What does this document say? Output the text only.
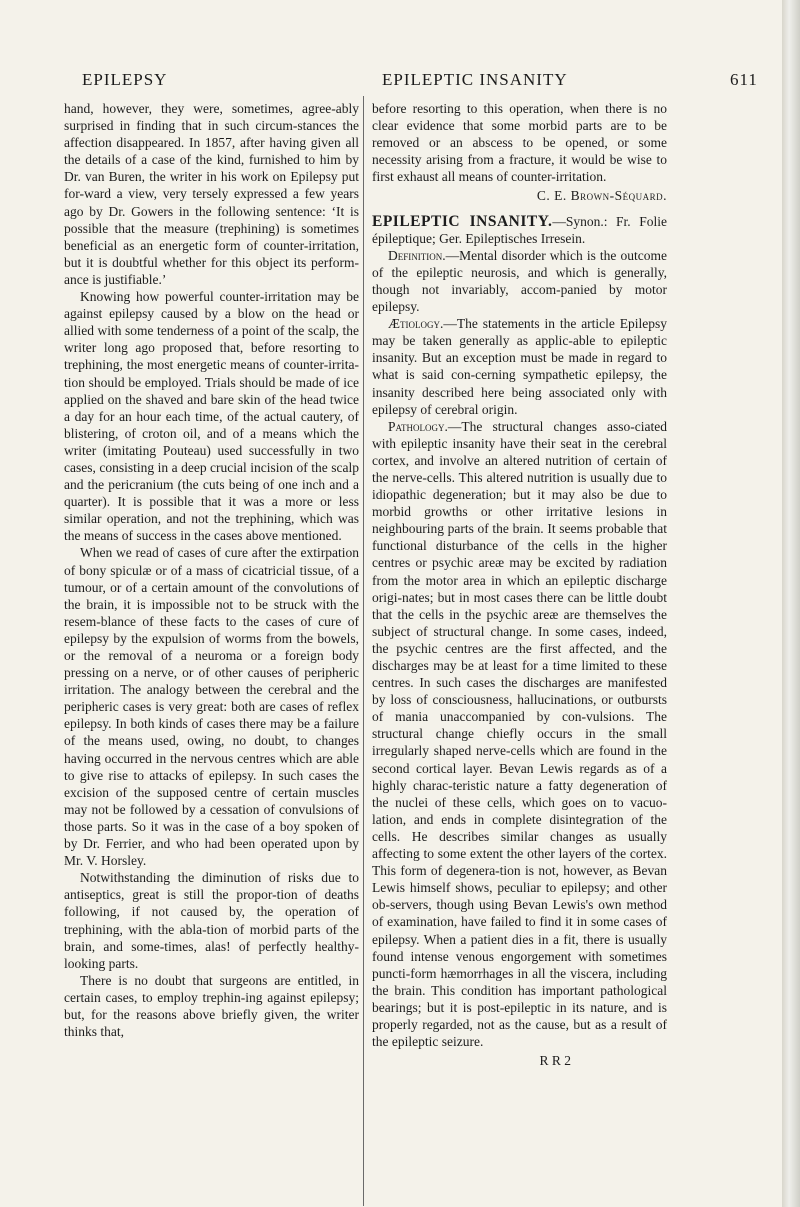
EPILEPSY	EPILEPTIC INSANITY	611

hand, however, they were, sometimes, agree-ably surprised in finding that in such circum-stances the affection disappeared. In 1857, after having given all the details of a case of the kind, furnished to him by Dr. van Buren, the writer in his work on Epilepsy put for-ward a view, very tersely expressed a few years ago by Dr. Gowers in the following sentence: ‘It is possible that the measure (trephining) is sometimes beneficial as an energetic form of counter-irritation, but it is doubtful whether for this object its perform-ance is justifiable.’

Knowing how powerful counter-irritation may be against epilepsy caused by a blow on the head or allied with some tenderness of a point of the scalp, the writer long ago proposed that, before resorting to trephining, the most energetic means of counter-irrita-tion should be employed. Trials should be made of ice applied on the shaved and bare skin of the head twice a day for an hour each time, of the actual cautery, of blistering, of croton oil, and of a means which the writer (imitating Pouteau) used successfully in two cases, consisting in a deep crucial incision of the scalp and the pericranium (the cuts being of one inch and a quarter). It is possible that it was a more or less similar operation, and not the trephining, which was the means of success in the cases above mentioned.

When we read of cases of cure after the extirpation of bony spiculæ or of a mass of cicatricial tissue, of a tumour, or of a certain amount of the convolutions of the brain, it is impossible not to be struck with the resem-blance of these facts to the cases of cure of epilepsy by the expulsion of worms from the bowels, or the removal of a neuroma or a foreign body pressing on a nerve, or of other causes of peripheric irritation. The analogy between the cerebral and the peripheric cases is very great: both are cases of reflex epilepsy. In both kinds of cases there may be a failure of the means used, owing, no doubt, to changes having occurred in the nervous centres which are able to give rise to attacks of epilepsy. In such cases the excision of the supposed centre of certain muscles may not be followed by a cessation of convulsions of those parts. So it was in the case of a boy spoken of by Dr. Ferrier, and who had been operated upon by Mr. V. Horsley.

Notwithstanding the diminution of risks due to antiseptics, great is still the propor-tion of deaths following, if not caused by, the operation of trephining, with the abla-tion of morbid parts of the brain, and some-times, alas! of perfectly healthy-looking parts.

There is no doubt that surgeons are entitled, in certain cases, to employ trephin-ing against epilepsy; but, for the reasons above briefly given, the writer thinks that,

before resorting to this operation, when there is no clear evidence that some morbid parts are to be removed or an abscess to be opened, or some necessity arising from a fracture, it would be wise to first exhaust all means of counter-irritation.

C. E. Brown-Séquard.

EPILEPTIC INSANITY.—Synon.: Fr. Folie épileptique; Ger. Epileptisches Irresein.

Definition.—Mental disorder which is the outcome of the epileptic neurosis, and which is generally, though not invariably, accom-panied by motor epilepsy.

Ætiology.—The statements in the article Epilepsy may be taken generally as applic-able to epileptic insanity. But an exception must be made in regard to what is said con-cerning sympathetic epilepsy, the insanity described here being associated only with epilepsy of cerebral origin.

Pathology.—The structural changes asso-ciated with epileptic insanity have their seat in the cerebral cortex, and involve an altered nutrition of certain of the nerve-cells. This altered nutrition is usually due to idiopathic degeneration; but it may also be due to morbid growths or other irritative lesions in neighbouring parts of the brain. It seems probable that functional disturbance of the cells in the higher centres or psychic areæ may be excited by radiation from the motor area in which an epileptic discharge origi-nates; but in most cases there can be little doubt that the cells in the psychic areæ are themselves the subject of structural change. In some cases, indeed, the psychic centres are the first affected, and the discharges may be at least for a time limited to these centres. In such cases the discharges are manifested by loss of consciousness, hallucinations, or outbursts of mania unaccompanied by con-vulsions. The structural change chiefly occurs in the small irregularly shaped nerve-cells which are found in the second cortical layer. Bevan Lewis regards as of a highly charac-teristic nature a fatty degeneration of the nuclei of these cells, which goes on to vacuo-lation, and ends in complete disintegration of the cells. He describes similar changes as usually affecting to some extent the other layers of the cortex. This form of degenera-tion is not, however, as Bevan Lewis himself shows, peculiar to epilepsy; and other ob-servers, though using Bevan Lewis's own method of examination, have failed to find it in some cases of epilepsy. When a patient dies in a fit, there is usually found intense venous engorgement with sometimes puncti-form hæmorrhages in all the viscera, including the brain. This condition has important pathological bearings; but it is post-epileptic in its nature, and is properly regarded, not as the cause, but as a result of the epileptic seizure.

R R 2
